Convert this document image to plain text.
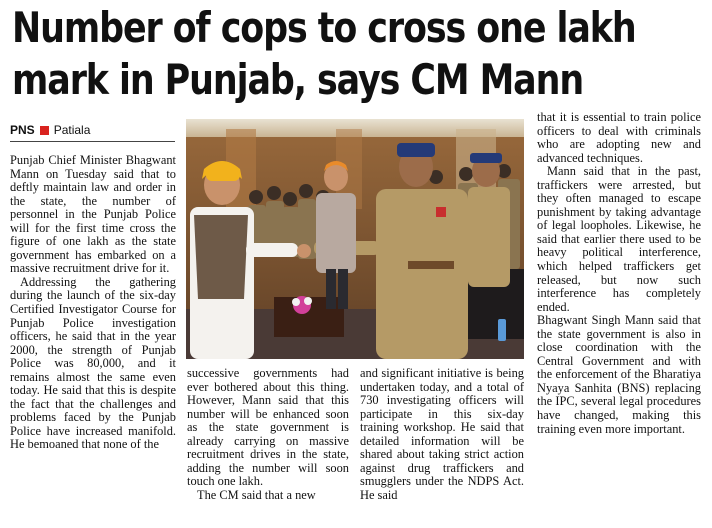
Number of cops to cross one lakh
mark in Punjab, says CM Mann
PNS Patiala

Punjab Chief Minister Bhagwant Mann on Tuesday said that to deftly maintain law and order in the state, the number of personnel in the Punjab Police will for the first time cross the figure of one lakh as the state government has embarked on a massive recruitment drive for it.

Addressing the gathering during the launch of the six-day Certified Investigator Course for Punjab Police investigation officers, he said that in the year 2000, the strength of Punjab Police was 80,000, and it remains almost the same even today. He said that this is despite the fact that the challenges and problems faced by the Punjab Police have increased manifold. He bemoaned that none of the

successive governments had ever bothered about this thing. However, Mann said that this number will be enhanced soon as the state government is already carrying on massive recruitment drives in the state, adding the number will soon touch one lakh.

The CM said that a new

and significant initiative is being undertaken today, and a total of 730 investigating officers will participate in this six-day training workshop. He said that detailed information will be shared about taking strict action against drug traffickers and smugglers under the NDPS Act. He said

that it is essential to train police officers to deal with criminals who are adopting new and advanced techniques.

Mann said that in the past, traffickers were arrested, but they often managed to escape punishment by taking advantage of legal loopholes. Likewise, he said that earlier there used to be heavy political interference, which helped traffickers get released, but now such interference has completely ended.

Bhagwant Singh Mann said that the state government is also in close coordination with the Central Government and with the enforcement of the Bharatiya Nyaya Sanhita (BNS) replacing the IPC, several legal procedures have changed, making this training even more important.
